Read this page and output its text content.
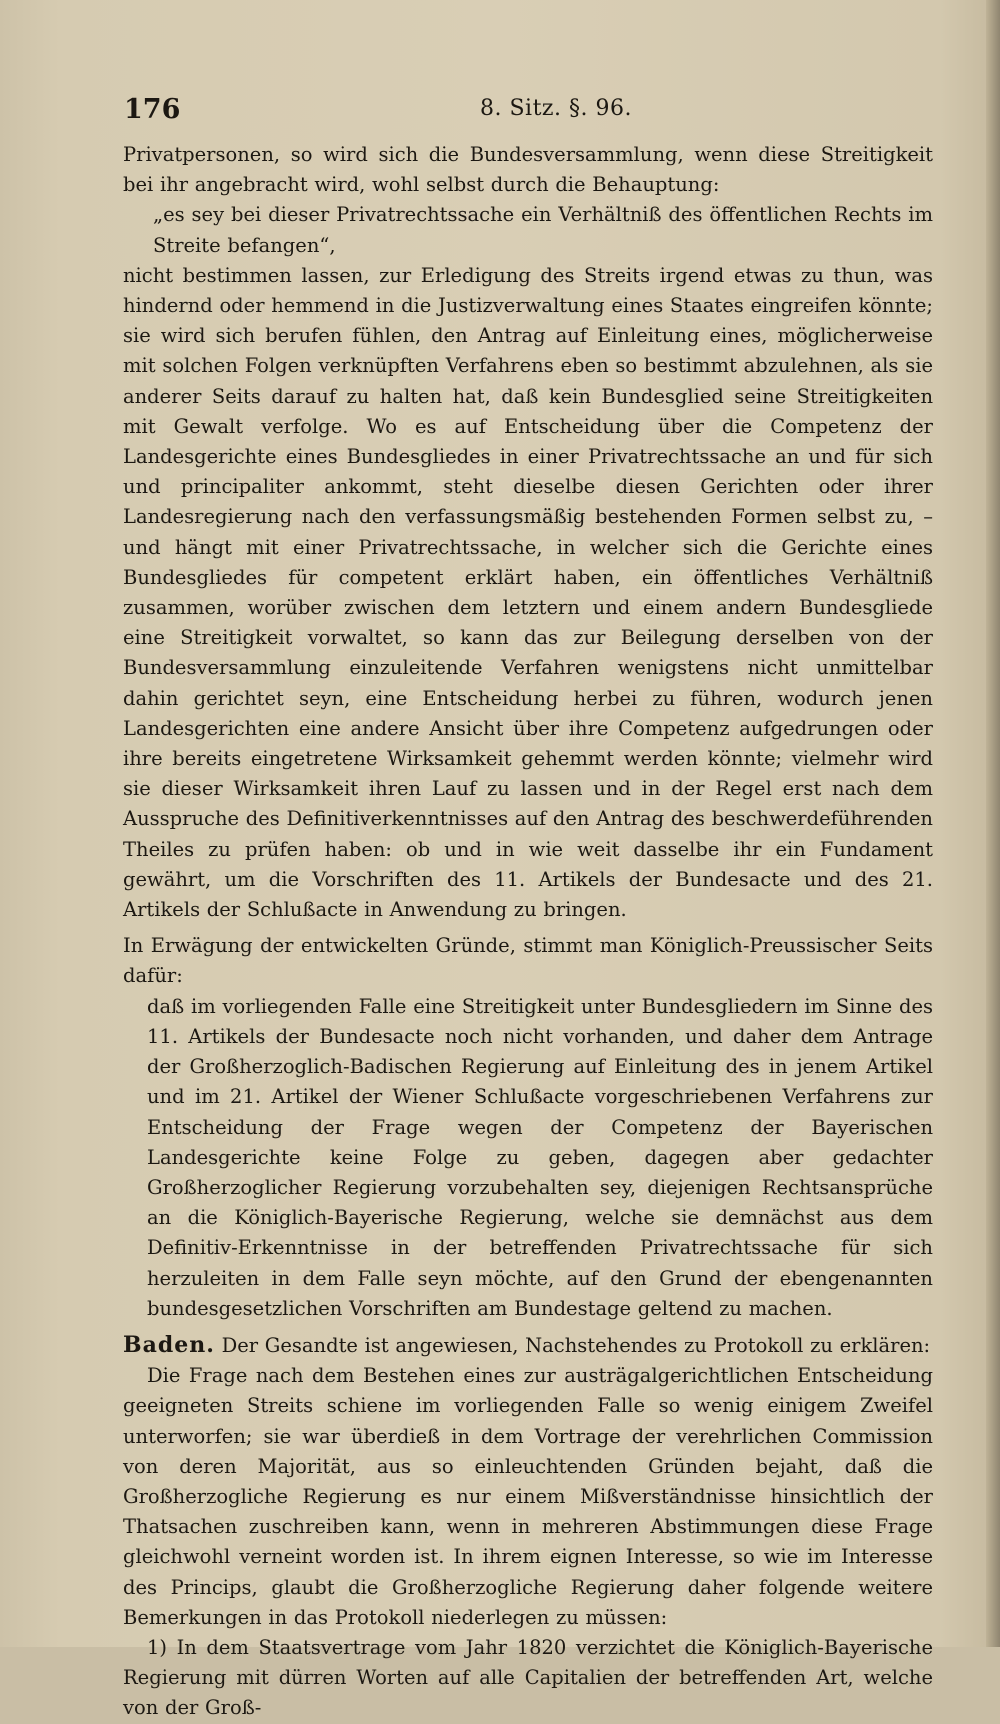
176	8. Sitz. §. 96.

Privatpersonen, so wird sich die Bundesversammlung, wenn diese Streitigkeit bei ihr angebracht wird, wohl selbst durch die Behauptung:

„es sey bei dieser Privatrechtssache ein Verhältniß des öffentlichen Rechts im Streite befangen“,

nicht bestimmen lassen, zur Erledigung des Streits irgend etwas zu thun, was hindernd oder hemmend in die Justizverwaltung eines Staates eingreifen könnte; sie wird sich berufen fühlen, den Antrag auf Einleitung eines, möglicherweise mit solchen Folgen verknüpften Verfahrens eben so bestimmt abzulehnen, als sie anderer Seits darauf zu halten hat, daß kein Bundesglied seine Streitigkeiten mit Gewalt verfolge. Wo es auf Entscheidung über die Competenz der Landesgerichte eines Bundesgliedes in einer Privatrechtssache an und für sich und principaliter ankommt, steht dieselbe diesen Gerichten oder ihrer Landesregierung nach den verfassungsmäßig bestehenden Formen selbst zu, – und hängt mit einer Privatrechtssache, in welcher sich die Gerichte eines Bundesgliedes für competent erklärt haben, ein öffentliches Verhältniß zusammen, worüber zwischen dem letztern und einem andern Bundesgliede eine Streitigkeit vorwaltet, so kann das zur Beilegung derselben von der Bundesversammlung einzuleitende Verfahren wenigstens nicht unmittelbar dahin gerichtet seyn, eine Entscheidung herbei zu führen, wodurch jenen Landesgerichten eine andere Ansicht über ihre Competenz aufgedrungen oder ihre bereits eingetretene Wirksamkeit gehemmt werden könnte; vielmehr wird sie dieser Wirksamkeit ihren Lauf zu lassen und in der Regel erst nach dem Ausspruche des Definitiverkenntnisses auf den Antrag des beschwerdeführenden Theiles zu prüfen haben: ob und in wie weit dasselbe ihr ein Fundament gewährt, um die Vorschriften des 11. Artikels der Bundesacte und des 21. Artikels der Schlußacte in Anwendung zu bringen.

In Erwägung der entwickelten Gründe, stimmt man Königlich-Preussischer Seits dafür:

daß im vorliegenden Falle eine Streitigkeit unter Bundesgliedern im Sinne des 11. Artikels der Bundesacte noch nicht vorhanden, und daher dem Antrage der Großherzoglich-Badischen Regierung auf Einleitung des in jenem Artikel und im 21. Artikel der Wiener Schlußacte vorgeschriebenen Verfahrens zur Entscheidung der Frage wegen der Competenz der Bayerischen Landesgerichte keine Folge zu geben, dagegen aber gedachter Großherzoglicher Regierung vorzubehalten sey, diejenigen Rechtsansprüche an die Königlich-Bayerische Regierung, welche sie demnächst aus dem Definitiv-Erkenntnisse in der betreffenden Privatrechtssache für sich herzuleiten in dem Falle seyn möchte, auf den Grund der ebengenannten bundesgesetzlichen Vorschriften am Bundestage geltend zu machen.

Baden. Der Gesandte ist angewiesen, Nachstehendes zu Protokoll zu erklären:

Die Frage nach dem Bestehen eines zur austrägalgerichtlichen Entscheidung geeigneten Streits schiene im vorliegenden Falle so wenig einigem Zweifel unterworfen; sie war überdieß in dem Vortrage der verehrlichen Commission von deren Majorität, aus so einleuchtenden Gründen bejaht, daß die Großherzogliche Regierung es nur einem Mißverständnisse hinsichtlich der Thatsachen zuschreiben kann, wenn in mehreren Abstimmungen diese Frage gleichwohl verneint worden ist. In ihrem eignen Interesse, so wie im Interesse des Princips, glaubt die Großherzogliche Regierung daher folgende weitere Bemerkungen in das Protokoll niederlegen zu müssen:

1) In dem Staatsvertrage vom Jahr 1820 verzichtet die Königlich-Bayerische Regierung mit dürren Worten auf alle Capitalien der betreffenden Art, welche von der Groß-
